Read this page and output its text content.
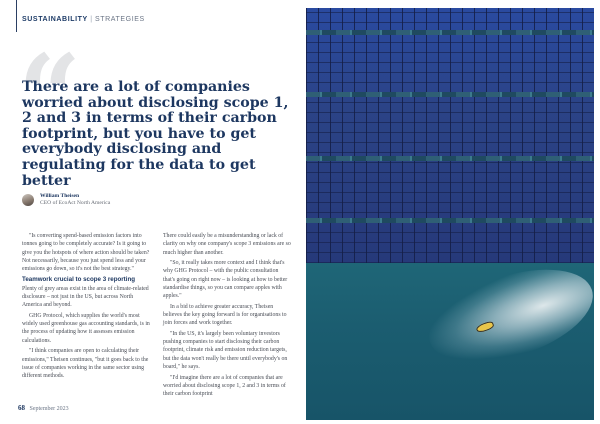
SUSTAINABILITY | STRATEGIES
“

There are a lot of companies worried about disclosing scope 1, 2 and 3 in terms of their carbon footprint, but you have to get everybody disclosing and regulating for the data to get better

William Theisen
CEO of EcoAct North America

"Is converting spend-based emission factors into tonnes going to be completely accurate? Is it going to give you the hotspots of where action should be taken? Not necessarily, because you just spend less and your emissions go down, so it's not the best strategy."

Teamwork crucial to scope 3 reporting

Plenty of grey areas exist in the area of climate-related disclosure – not just in the US, but across North America and beyond.

GHG Protocol, which supplies the world's most widely used greenhouse gas accounting standards, is in the process of updating how it assesses emission calculations.

"I think companies are open to calculating their emissions," Theisen continues, "but it goes back to the issue of companies working in the same sector using different methods.

There could easily be a misunderstanding or lack of clarity on why one company's scope 3 emissions are so much higher than another.

"So, it really takes more context and I think that's why GHG Protocol – with the public consultation that's going on right now – is looking at how to better standardise things, so you can compare apples with apples."

In a bid to achieve greater accuracy, Theisen believes the key going forward is for organisations to join forces and work together.

"In the US, it's largely been voluntary investors pushing companies to start disclosing their carbon footprint, climate risk and emission reduction targets, but the data won't really be there until everybody's on board," he says.

"I'd imagine there are a lot of companies that are worried about disclosing scope 1, 2 and 3 in terms of their carbon footprint

68 September 2023
